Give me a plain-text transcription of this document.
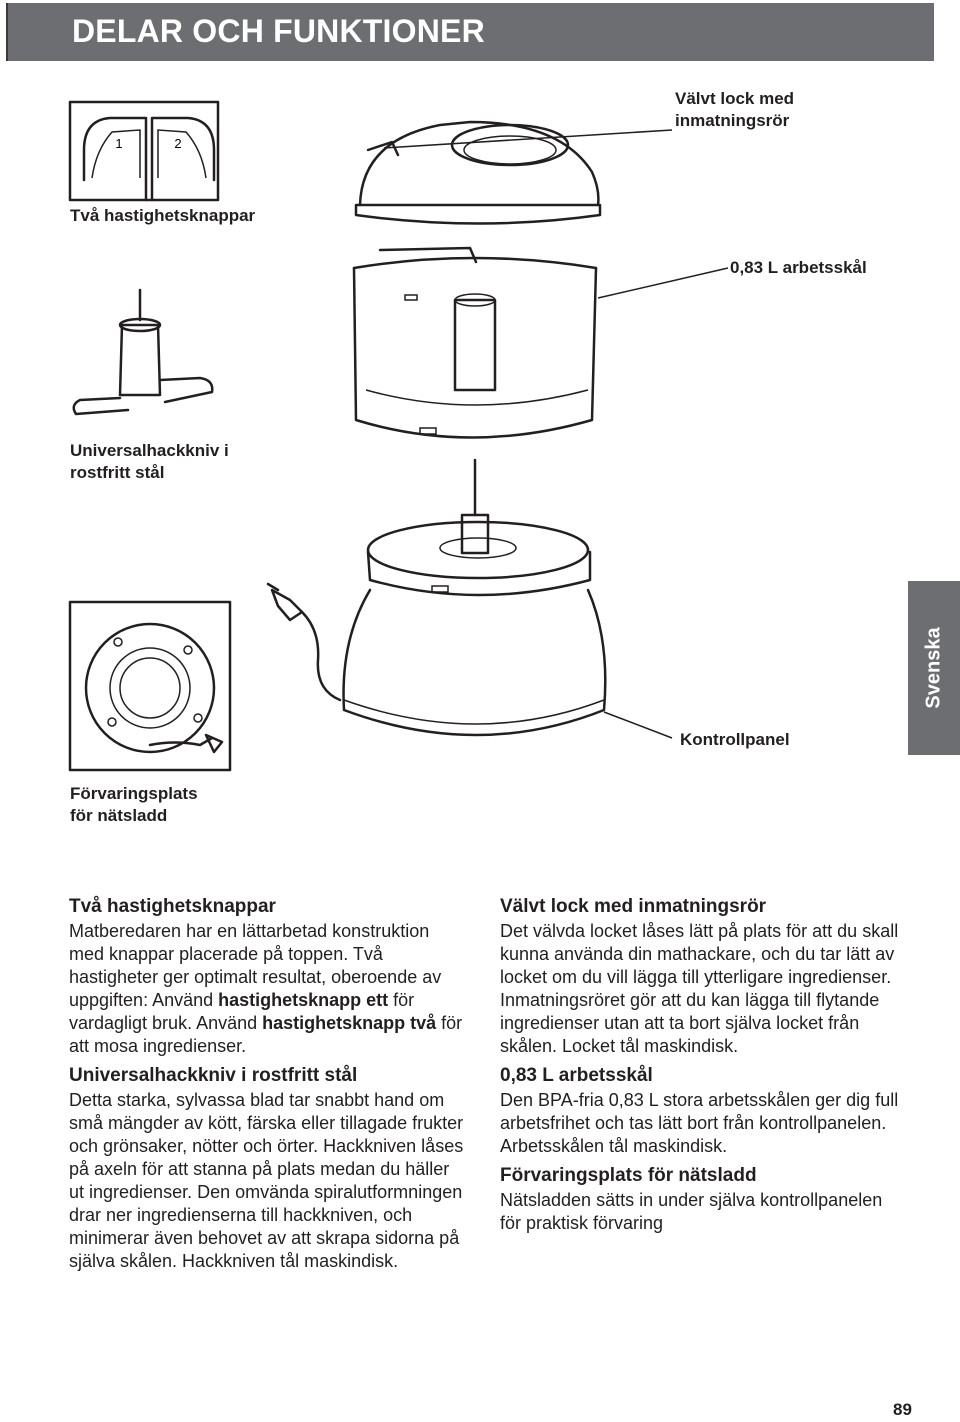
DELAR OCH FUNKTIONER
Svenska
1	2
Välvt lock med inmatningsrör
0,83 L arbetsskål
Två hastighetsknappar
Universalhackkniv i rostfritt stål
Kontrollpanel
Förvaringsplats för nätsladd
Två hastighetsknappar
Matberedaren har en lättarbetad konstruktion med knappar placerade på toppen. Två hastigheter ger optimalt resultat, oberoende av uppgiften: Använd hastighetsknapp ett för vardagligt bruk. Använd hastighetsknapp två för att mosa ingredienser.
Universalhackkniv i rostfritt stål
Detta starka, sylvassa blad tar snabbt hand om små mängder av kött, färska eller tillagade frukter och grönsaker, nötter och örter. Hackkniven låses på axeln för att stanna på plats medan du häller ut ingredienser. Den omvända spiralutformningen drar ner ingredienserna till hackkniven, och minimerar även behovet av att skrapa sidorna på själva skålen. Hackkniven tål maskindisk.
Välvt lock med inmatningsrör
Det välvda locket låses lätt på plats för att du skall kunna använda din mathackare, och du tar lätt av locket om du vill lägga till ytterligare ingredienser. Inmatningsröret gör att du kan lägga till flytande ingredienser utan att ta bort själva locket från skålen. Locket tål maskindisk.
0,83 L arbetsskål
Den BPA-fria 0,83 L stora arbetsskålen ger dig full arbetsfrihet och tas lätt bort från kontrollpanelen. Arbetsskålen tål maskindisk.
Förvaringsplats för nätsladd
Nätsladden sätts in under själva kontrollpanelen för praktisk förvaring
89
